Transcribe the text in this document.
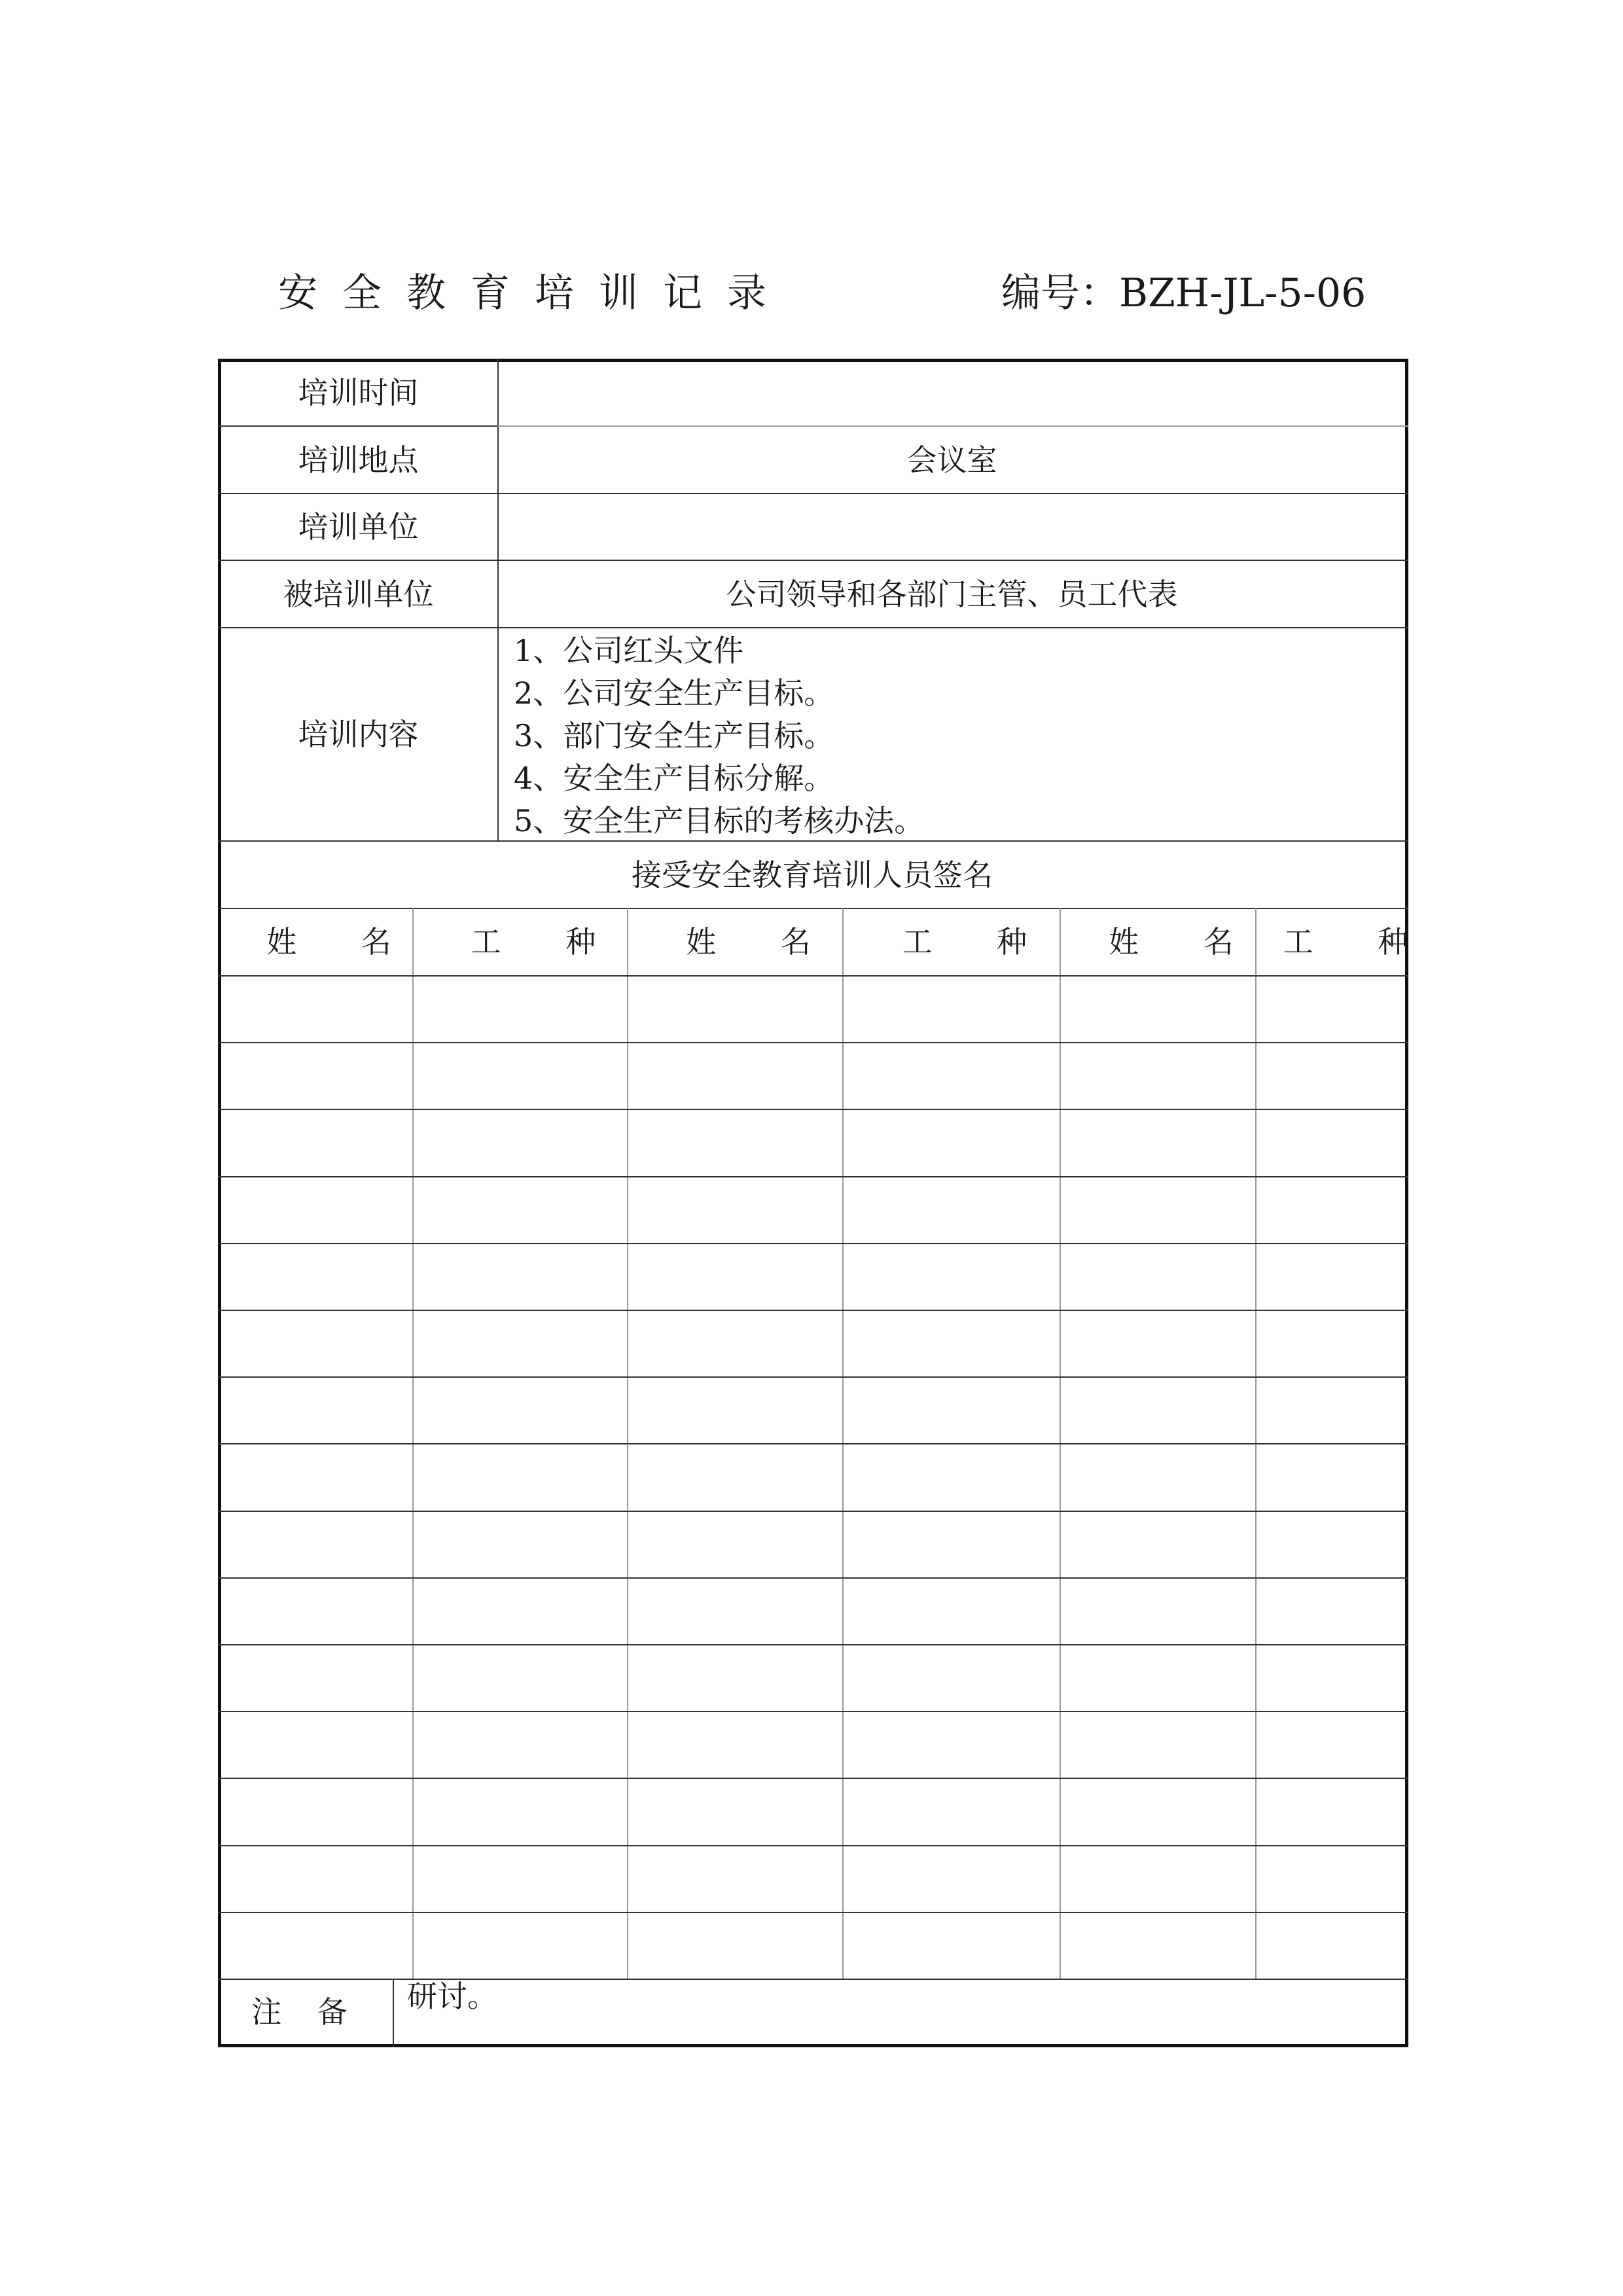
安全教育培训记录	编号：BZH-JL-5-06
培训时间
培训地点	会议室
培训单位
被培训单位	公司领导和各部门主管、员工代表
培训内容
1、公司红头文件
2、公司安全生产目标。
3、部门安全生产目标。
4、安全生产目标分解。
5、安全生产目标的考核办法。
接受安全教育培训人员签名
姓 名	工 种	姓 名	工 种	姓 名 工 种
注 备	研讨。
